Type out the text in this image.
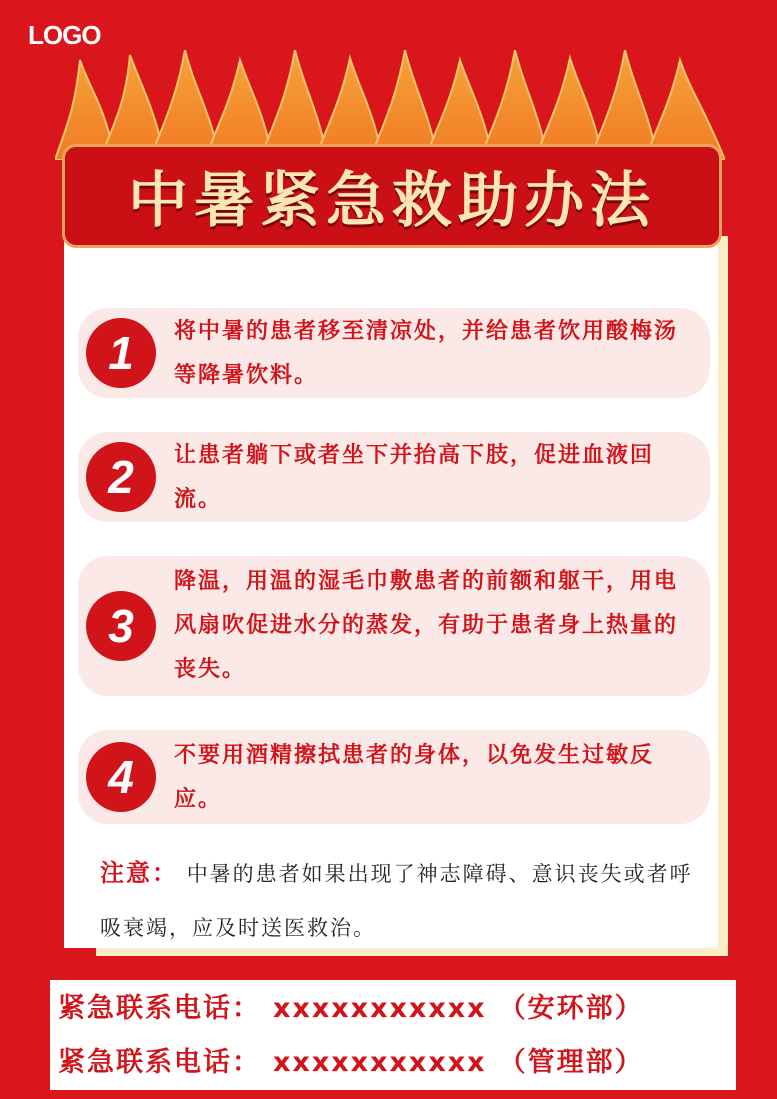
LOGO
中暑紧急救助办法
1	将中暑的患者移至清凉处，并给患者饮用酸梅汤等降暑饮料。
2	让患者躺下或者坐下并抬高下肢，促进血液回流。
3
降温，用温的湿毛巾敷患者的前额和躯干，用电风扇吹促进水分的蒸发，有助于患者身上热量的丧失。
4	不要用酒精擦拭患者的身体，以免发生过敏反应。
注意： 中暑的患者如果出现了神志障碍、意识丧失或者呼吸衰竭，应及时送医救治。
紧急联系电话： xxxxxxxxxxx （安环部）
紧急联系电话： xxxxxxxxxxx （管理部）
